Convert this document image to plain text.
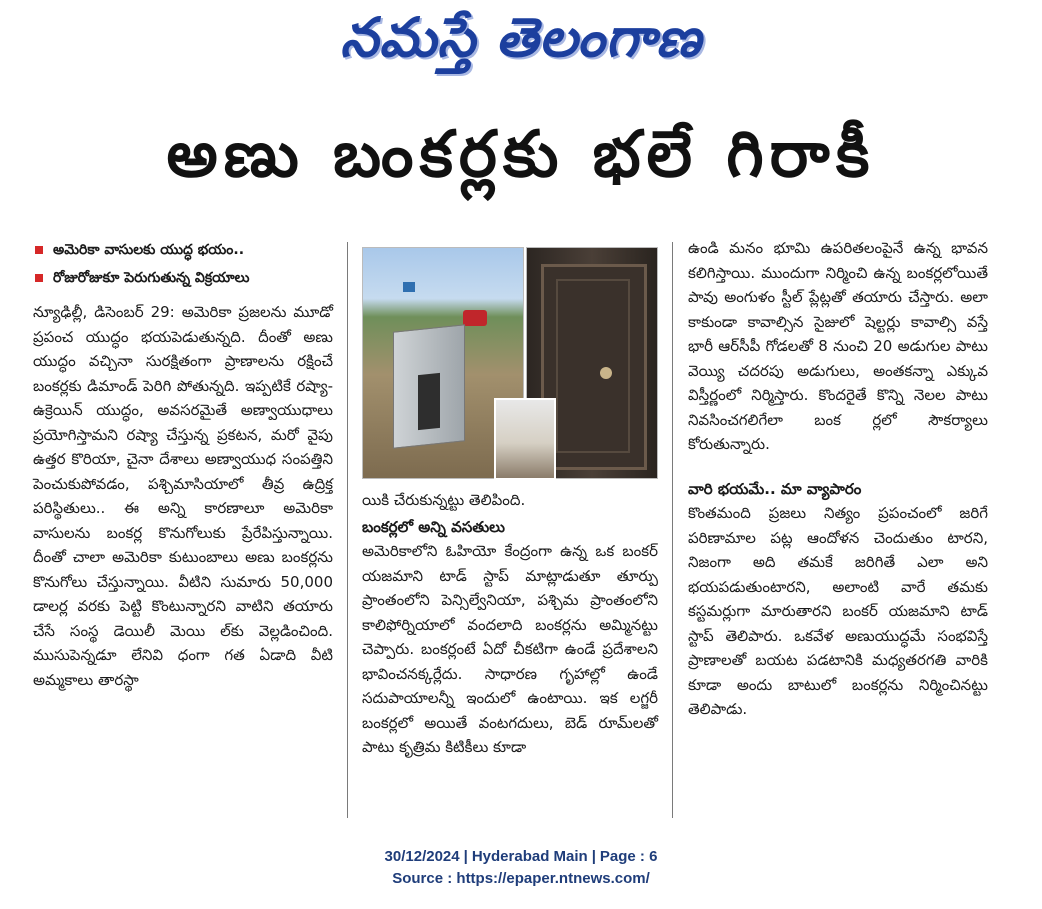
నమస్తే తెలంగాణ
అణు బంకర్లకు భలే గిరాకీ
అమెరికా వాసులకు యుద్ధ భయం..
రోజురోజుకూ పెరుగుతున్న విక్రయాలు

న్యూఢిల్లీ, డిసెంబర్ 29: అమెరికా ప్రజలను మూడో ప్రపంచ యుద్ధం భయపెడుతున్నది. దీంతో అణు యుద్ధం వచ్చినా సురక్షితంగా ప్రాణాలను రక్షించే బంకర్లకు డిమాండ్ పెరిగి పోతున్నది. ఇప్పటికే రష్యా-ఉక్రెయిన్ యుద్ధం, అవసరమైతే అణ్వాయుధాలు ప్రయోగిస్తామని రష్యా చేస్తున్న ప్రకటన, మరో వైపు ఉత్తర కొరియా, చైనా దేశాలు అణ్వాయుధ సంపత్తిని పెంచుకుపోవడం, పశ్చిమాసియాలో తీవ్ర ఉద్రిక్త పరిస్థితులు.. ఈ అన్ని కారణాలూ అమెరికా వాసులను బంకర్ల కొనుగోలుకు ప్రేరేపిస్తున్నాయి. దీంతో చాలా అమెరికా కుటుంబాలు అణు బంకర్లను కొనుగోలు చేస్తున్నాయి. వీటిని సుమారు 50,000 డాలర్ల వరకు పెట్టి కొంటున్నారని వాటిని తయారు చేసే సంస్థ డెయిలీ మెయి ల్‌కు వెల్లడించింది. ముసుపెన్నడూ లేనివి ధంగా గత ఏడాది వీటి అమ్మకాలు తారస్థా

యికి చేరుకున్నట్టు తెలిపింది.

బంకర్లలో అన్ని వసతులు

అమెరికాలోని ఓహియో కేంద్రంగా ఉన్న ఒక బంకర్ యజమాని టాడ్ స్టాప్ మాట్లాడుతూ తూర్పు ప్రాంతంలోని పెన్సిల్వేనియా, పశ్చిమ ప్రాంతంలోని కాలిఫోర్నియాలో వందలాది బంకర్లను అమ్మినట్టు చెప్పారు. బంకర్లంటే ఏదో చీకటిగా ఉండే ప్రదేశాలని భావించనక్కర్లేదు. సాధారణ గృహాల్లో ఉండే సదుపాయాలన్నీ ఇందులో ఉంటాయి. ఇక లగ్జరీ బంకర్లలో అయితే వంటగదులు, బెడ్ రూమ్‌లతో పాటు కృత్రిమ కిటికీలు కూడా

ఉండి మనం భూమి ఉపరితలంపైనే ఉన్న భావన కలిగిస్తాయి. ముందుగా నిర్మించి ఉన్న బంకర్లలోయితే పావు అంగుళం స్టీల్ ప్లేట్లతో తయారు చేస్తారు. అలా కాకుండా కావాల్సిన సైజులో షెల్టర్లు కావాల్సి వస్తే భారీ ఆర్‌సీపీ గోడలతో 8 నుంచి 20 అడుగుల పాటు వెయ్యి చదరపు అడుగులు, అంతకన్నా ఎక్కువ విస్తీర్ణంలో నిర్మిస్తారు. కొందరైతే కొన్ని నెలల పాటు నివసించగలిగేలా బంక ర్లలో సౌకర్యాలు కోరుతున్నారు.

వారి భయమే.. మా వ్యాపారం

కొంతమంది ప్రజలు నిత్యం ప్రపంచంలో జరిగే పరిణామాల పట్ల ఆందోళన చెందుతుం టారని, నిజంగా అది తమకే జరిగితే ఎలా అని భయపడుతుంటారని, అలాంటి వారే తమకు కస్టమర్లుగా మారుతారని బంకర్ యజమాని టాడ్ స్టాప్ తెలిపారు. ఒకవేళ అణుయుద్ధమే సంభవిస్తే ప్రాణాలతో బయట పడటానికి మధ్యతరగతి వారికి కూడా అందు బాటులో బంకర్లను నిర్మించినట్టు తెలిపాడు.

30/12/2024 | Hyderabad Main | Page : 6
Source : https://epaper.ntnews.com/
